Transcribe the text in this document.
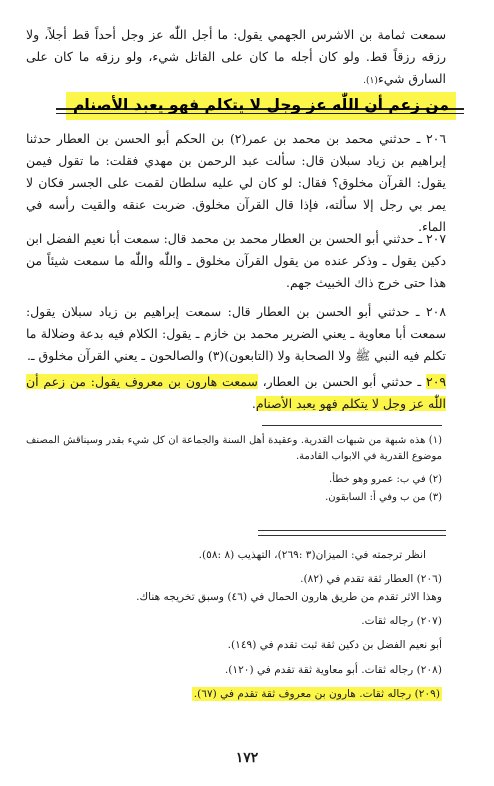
سمعت ثمامة بن الاشرس الجهمي يقول: ما أجل اللّٰه عز وجل أحداً قط أجلاً، ولا رزقه رزقاً قط. ولو كان أجله ما كان على القاتل شيء، ولو رزقه ما كان على السارق شيء(١).
من زعم أن اللّٰه عز وجل لا يتكلم فهو يعبد الأصنام
٢٠٦ ـ حدثني محمد بن محمد بن عمر(٢) بن الحكم أبو الحسن بن العطار حدثنا إبراهيم بن زياد سبلان قال: سألت عبد الرحمن بن مهدي فقلت: ما تقول فيمن يقول: القرآن مخلوق؟ فقال: لو كان لي عليه سلطان لقمت على الجسر فكان لا يمر بي رجل إلا سألته، فإذا قال القرآن مخلوق. ضربت عنقه والقيت رأسه في الماء.
٢٠٧ ـ حدثني أبو الحسن بن العطار محمد بن محمد قال: سمعت أبا نعيم الفضل ابن دكين يقول ـ وذكر عنده من يقول القرآن مخلوق ـ واللّٰه واللّٰه ما سمعت شيئاً من هذا حتى خرج ذاك الخبيث جهم.
٢٠٨ ـ حدثني أبو الحسن بن العطار قال: سمعت إبراهيم بن زياد سبلان يقول: سمعت أبا معاوية ـ يعني الضرير محمد بن خازم ـ يقول: الكلام فيه بدعة وضلالة ما تكلم فيه النبي ﷺ ولا الصحابة ولا (التابعون)(٣) والصالحون ـ يعني القرآن مخلوق ـ.
٢٠٩ ـ حدثني أبو الحسن بن العطار، سمعت هارون بن معروف يقول: من زعم أن اللّٰه عز وجل لا يتكلم فهو يعبد الأصنام.
(١) هذه شبهة من شبهات القدرية. وعقيدة أهل السنة والجماعة ان كل شيء بقدر وسيناقش المصنف موضوع القدرية في الابواب القادمة.
(٢) في ب: عمرو وهو خطأ.
(٣) من ب وفي أ: السابقون.
انظر ترجمته في: الميزان(٣ :٢٦٩)، التهذيب (٨ :٥٨).
(٢٠٦) العطار ثقة تقدم في (٨٢).
وهذا الاثر تقدم من طريق هارون الحمال في (٤٦) وسبق تخريجه هناك.
(٢٠٧) رجاله ثقات.
أبو نعيم الفضل بن دكين ثقة ثبت تقدم في (١٤٩).
(٢٠٨) رجاله ثقات. أبو معاوية ثقة تقدم في (١٢٠).
(٢٠٩) رجاله ثقات. هارون بن معروف ثقة تقدم في (٦٧).
١٧٢
